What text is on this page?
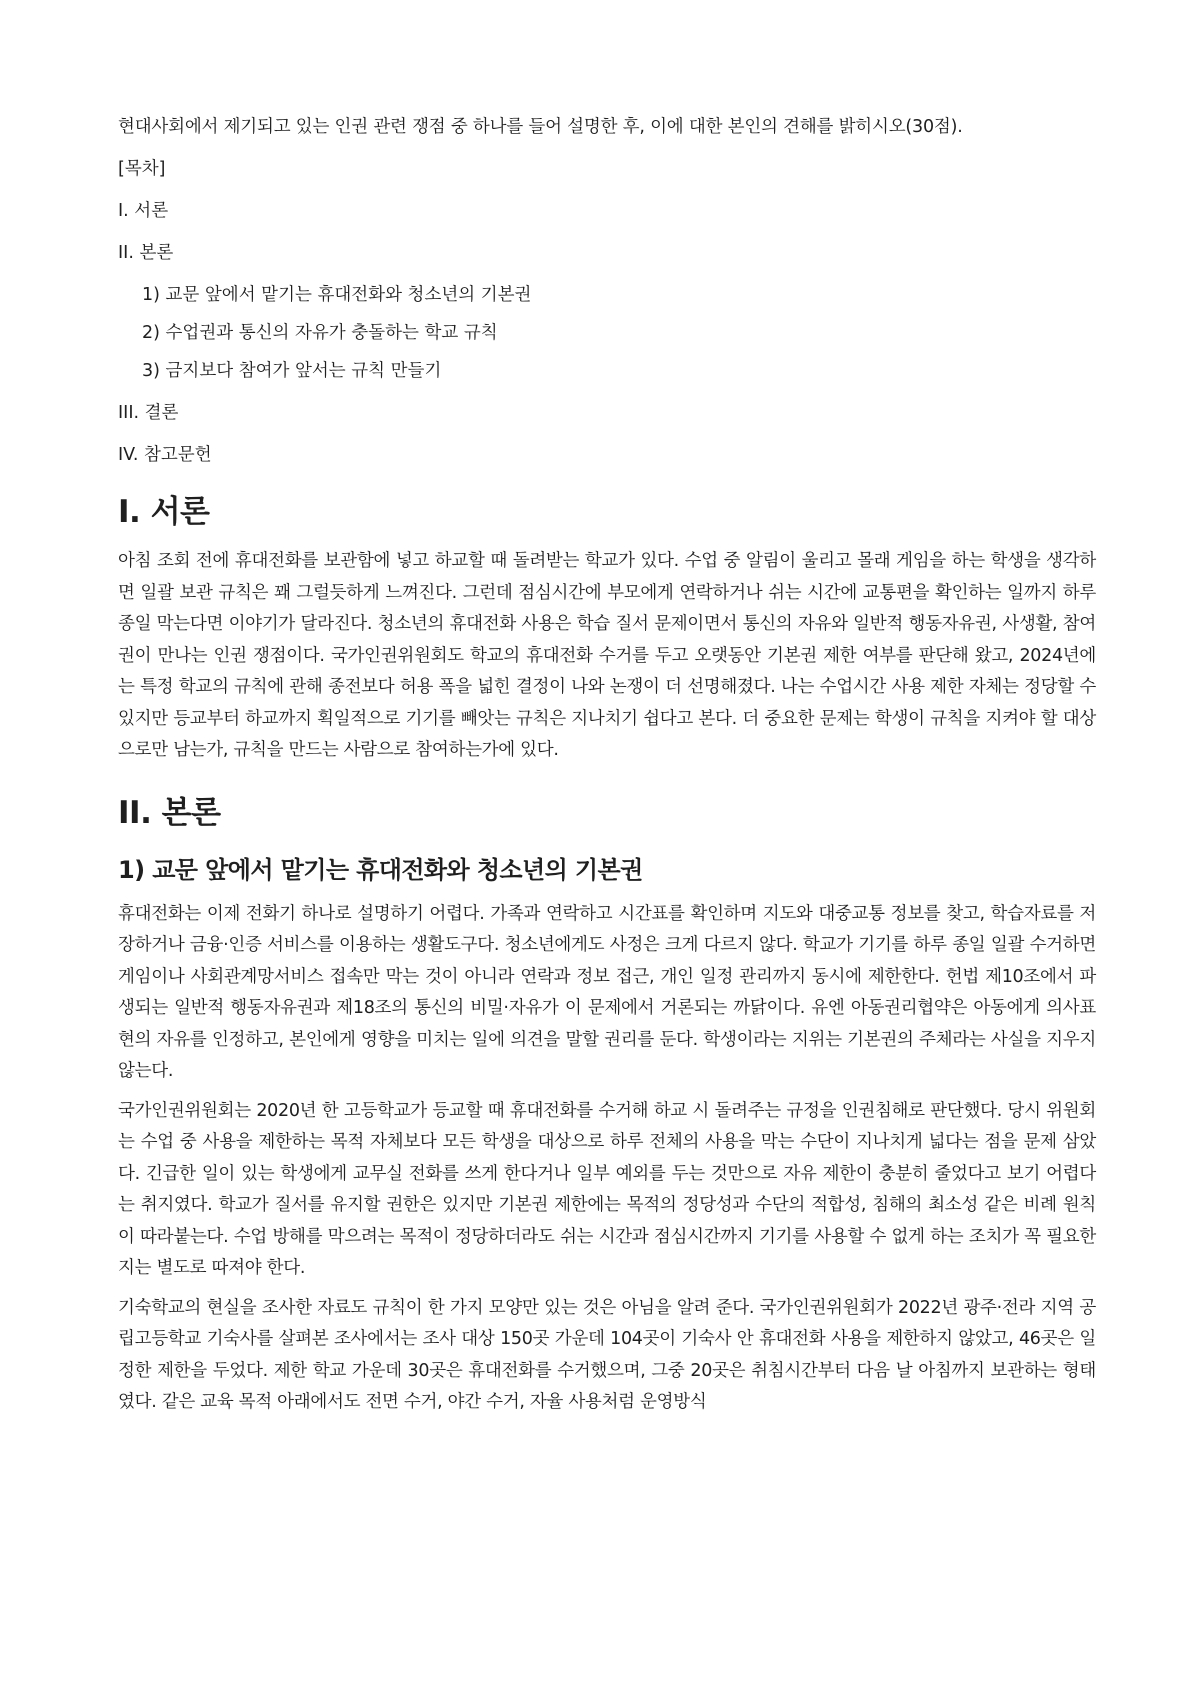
현대사회에서 제기되고 있는 인권 관련 쟁점 중 하나를 들어 설명한 후, 이에 대한 본인의 견해를 밝히시오(30점).

[목차]
I. 서론
II. 본론
1) 교문 앞에서 맡기는 휴대전화와 청소년의 기본권
2) 수업권과 통신의 자유가 충돌하는 학교 규칙
3) 금지보다 참여가 앞서는 규칙 만들기
III. 결론
IV. 참고문헌
I. 서론

아침 조회 전에 휴대전화를 보관함에 넣고 하교할 때 돌려받는 학교가 있다. 수업 중 알림이 울리고 몰래 게임을 하는 학생을 생각하면 일괄 보관 규칙은 꽤 그럴듯하게 느껴진다. 그런데 점심시간에 부모에게 연락하거나 쉬는 시간에 교통편을 확인하는 일까지 하루 종일 막는다면 이야기가 달라진다. 청소년의 휴대전화 사용은 학습 질서 문제이면서 통신의 자유와 일반적 행동자유권, 사생활, 참여권이 만나는 인권 쟁점이다. 국가인권위원회도 학교의 휴대전화 수거를 두고 오랫동안 기본권 제한 여부를 판단해 왔고, 2024년에는 특정 학교의 규칙에 관해 종전보다 허용 폭을 넓힌 결정이 나와 논쟁이 더 선명해졌다. 나는 수업시간 사용 제한 자체는 정당할 수 있지만 등교부터 하교까지 획일적으로 기기를 빼앗는 규칙은 지나치기 쉽다고 본다. 더 중요한 문제는 학생이 규칙을 지켜야 할 대상으로만 남는가, 규칙을 만드는 사람으로 참여하는가에 있다.

II. 본론
1) 교문 앞에서 맡기는 휴대전화와 청소년의 기본권

휴대전화는 이제 전화기 하나로 설명하기 어렵다. 가족과 연락하고 시간표를 확인하며 지도와 대중교통 정보를 찾고, 학습자료를 저장하거나 금융·인증 서비스를 이용하는 생활도구다. 청소년에게도 사정은 크게 다르지 않다. 학교가 기기를 하루 종일 일괄 수거하면 게임이나 사회관계망서비스 접속만 막는 것이 아니라 연락과 정보 접근, 개인 일정 관리까지 동시에 제한한다. 헌법 제10조에서 파생되는 일반적 행동자유권과 제18조의 통신의 비밀·자유가 이 문제에서 거론되는 까닭이다. 유엔 아동권리협약은 아동에게 의사표현의 자유를 인정하고, 본인에게 영향을 미치는 일에 의견을 말할 권리를 둔다. 학생이라는 지위는 기본권의 주체라는 사실을 지우지 않는다.

국가인권위원회는 2020년 한 고등학교가 등교할 때 휴대전화를 수거해 하교 시 돌려주는 규정을 인권침해로 판단했다. 당시 위원회는 수업 중 사용을 제한하는 목적 자체보다 모든 학생을 대상으로 하루 전체의 사용을 막는 수단이 지나치게 넓다는 점을 문제 삼았다. 긴급한 일이 있는 학생에게 교무실 전화를 쓰게 한다거나 일부 예외를 두는 것만으로 자유 제한이 충분히 줄었다고 보기 어렵다는 취지였다. 학교가 질서를 유지할 권한은 있지만 기본권 제한에는 목적의 정당성과 수단의 적합성, 침해의 최소성 같은 비례 원칙이 따라붙는다. 수업 방해를 막으려는 목적이 정당하더라도 쉬는 시간과 점심시간까지 기기를 사용할 수 없게 하는 조치가 꼭 필요한지는 별도로 따져야 한다.

기숙학교의 현실을 조사한 자료도 규칙이 한 가지 모양만 있는 것은 아님을 알려 준다. 국가인권위원회가 2022년 광주·전라 지역 공립고등학교 기숙사를 살펴본 조사에서는 조사 대상 150곳 가운데 104곳이 기숙사 안 휴대전화 사용을 제한하지 않았고, 46곳은 일정한 제한을 두었다. 제한 학교 가운데 30곳은 휴대전화를 수거했으며, 그중 20곳은 취침시간부터 다음 날 아침까지 보관하는 형태였다. 같은 교육 목적 아래에서도 전면 수거, 야간 수거, 자율 사용처럼 운영방식
